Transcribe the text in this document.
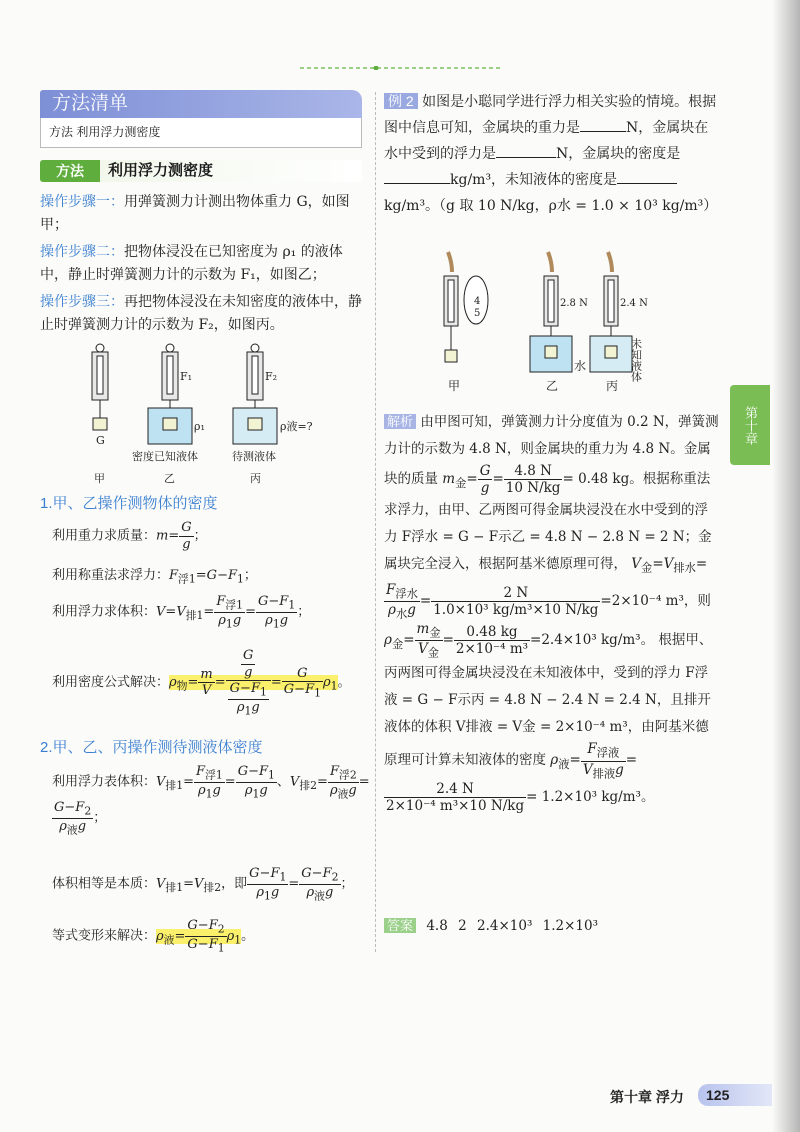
方法清单
方法 利用浮力测密度
方法	利用浮力测密度
操作步骤一：用弹簧测力计测出物体重力 G，如图甲；
操作步骤二：把物体浸没在已知密度为 ρ₁ 的液体中，静止时弹簧测力计的示数为 F₁，如图乙；
操作步骤三：再把物体浸没在未知密度的液体中，静止时弹簧测力计的示数为 F₂，如图丙。
G
F₁
ρ₁
F₂
ρ液=?
密度已知液体	待测液体
甲	乙	丙
1.甲、乙操作测物体的密度
利用重力求质量：$m= \frac{G}{g}$ ；
利用称重法求浮力：$F_{浮1}=G-F_1$；
利用浮力求体积：$V=V_{排1}= \frac{F_{浮1}}{\rho_1g} = \frac{G-F_1}{\rho_1g}$ ；
利用密度公式解决：$\rho_物= \frac{m}{V} = \frac{\frac{G}{g}}{\frac{G-F_1}{\rho_1g}} = \frac{G}{G-F_1} \rho_1$。
2.甲、乙、丙操作测待测液体密度
利用浮力表体积：$V_{排1}= \frac{F_{浮1}}{\rho_1g} = \frac{G-F_1}{\rho_1g}$ 、$V_{排2}= \frac{F_{浮2}}{\rho_液g}$ =
$\frac{G-F_2}{\rho_液g}$ ；
体积相等是本质：$V_{排1}=V_{排2}$，即 $\frac{G-F_1}{\rho_1g} = \frac{G-F_2}{\rho_液g}$ ；
等式变形来解决：$\rho_液= \frac{G-F_2}{G-F_1} \rho_1$。
例 2 如图是小聪同学进行浮力相关实验的情境。根据图中信息可知，金属块的重力是	N，金属块在水中受到的浮力是	N，金属块的密度是kg/m³，未知液体的密度是kg/m³。（g 取 10 N/kg，ρ水 = 1.0 × 10³ kg/m³）
4
5
2.8 N
水
2.4 N
未知液体
甲	乙	丙
解析 由甲图可知，弹簧测力计分度值为 0.2 N，弹簧测力计的示数为 4.8 N，则金属块的重力为 4.8 N。金属块的质量 $m_金= \frac{G}{g} = \frac{4.8 N}{10 N/kg} = 0.48$ kg。根据称重法求浮力，由甲、乙两图可得金属块浸没在水中受到的浮力 F浮水 = G − F示乙 = 4.8 N − 2.8 N = 2 N；金属块完全浸入，根据阿基米德原理可得， $V_金=V_{排水}=$
$\frac{F_{浮水}}{\rho_水g} = \frac{2 N}{\text{1.0×10³ kg/m³×10 N/kg}} =2\times 10^{-4}$ m³，则 $\rho_金= \frac{m_金}{V_金} = \frac{0.48 kg}{\text{2×10⁻⁴ m³}} =2.4\times 10^3$ kg/m³。 根据甲、丙两图可得金属块浸没在未知液体中，受到的浮力 F浮液 = G − F示丙 = 4.8 N − 2.4 N = 2.4 N，且排开液体的体积 V排液 = V金 = 2×10⁻⁴ m³，由阿基米德原理可计算未知液体的密度 $\rho_液= \frac{F_{浮液}}{V_{排液}g}$ =
$\frac{2.4 N}{\text{2×10⁻⁴ m³×10 N/kg}} = 1.2\times 10^3$ kg/m³。
答案 4.8 2 2.4×10³ 1.2×10³
第十章
第十章 浮力	125
